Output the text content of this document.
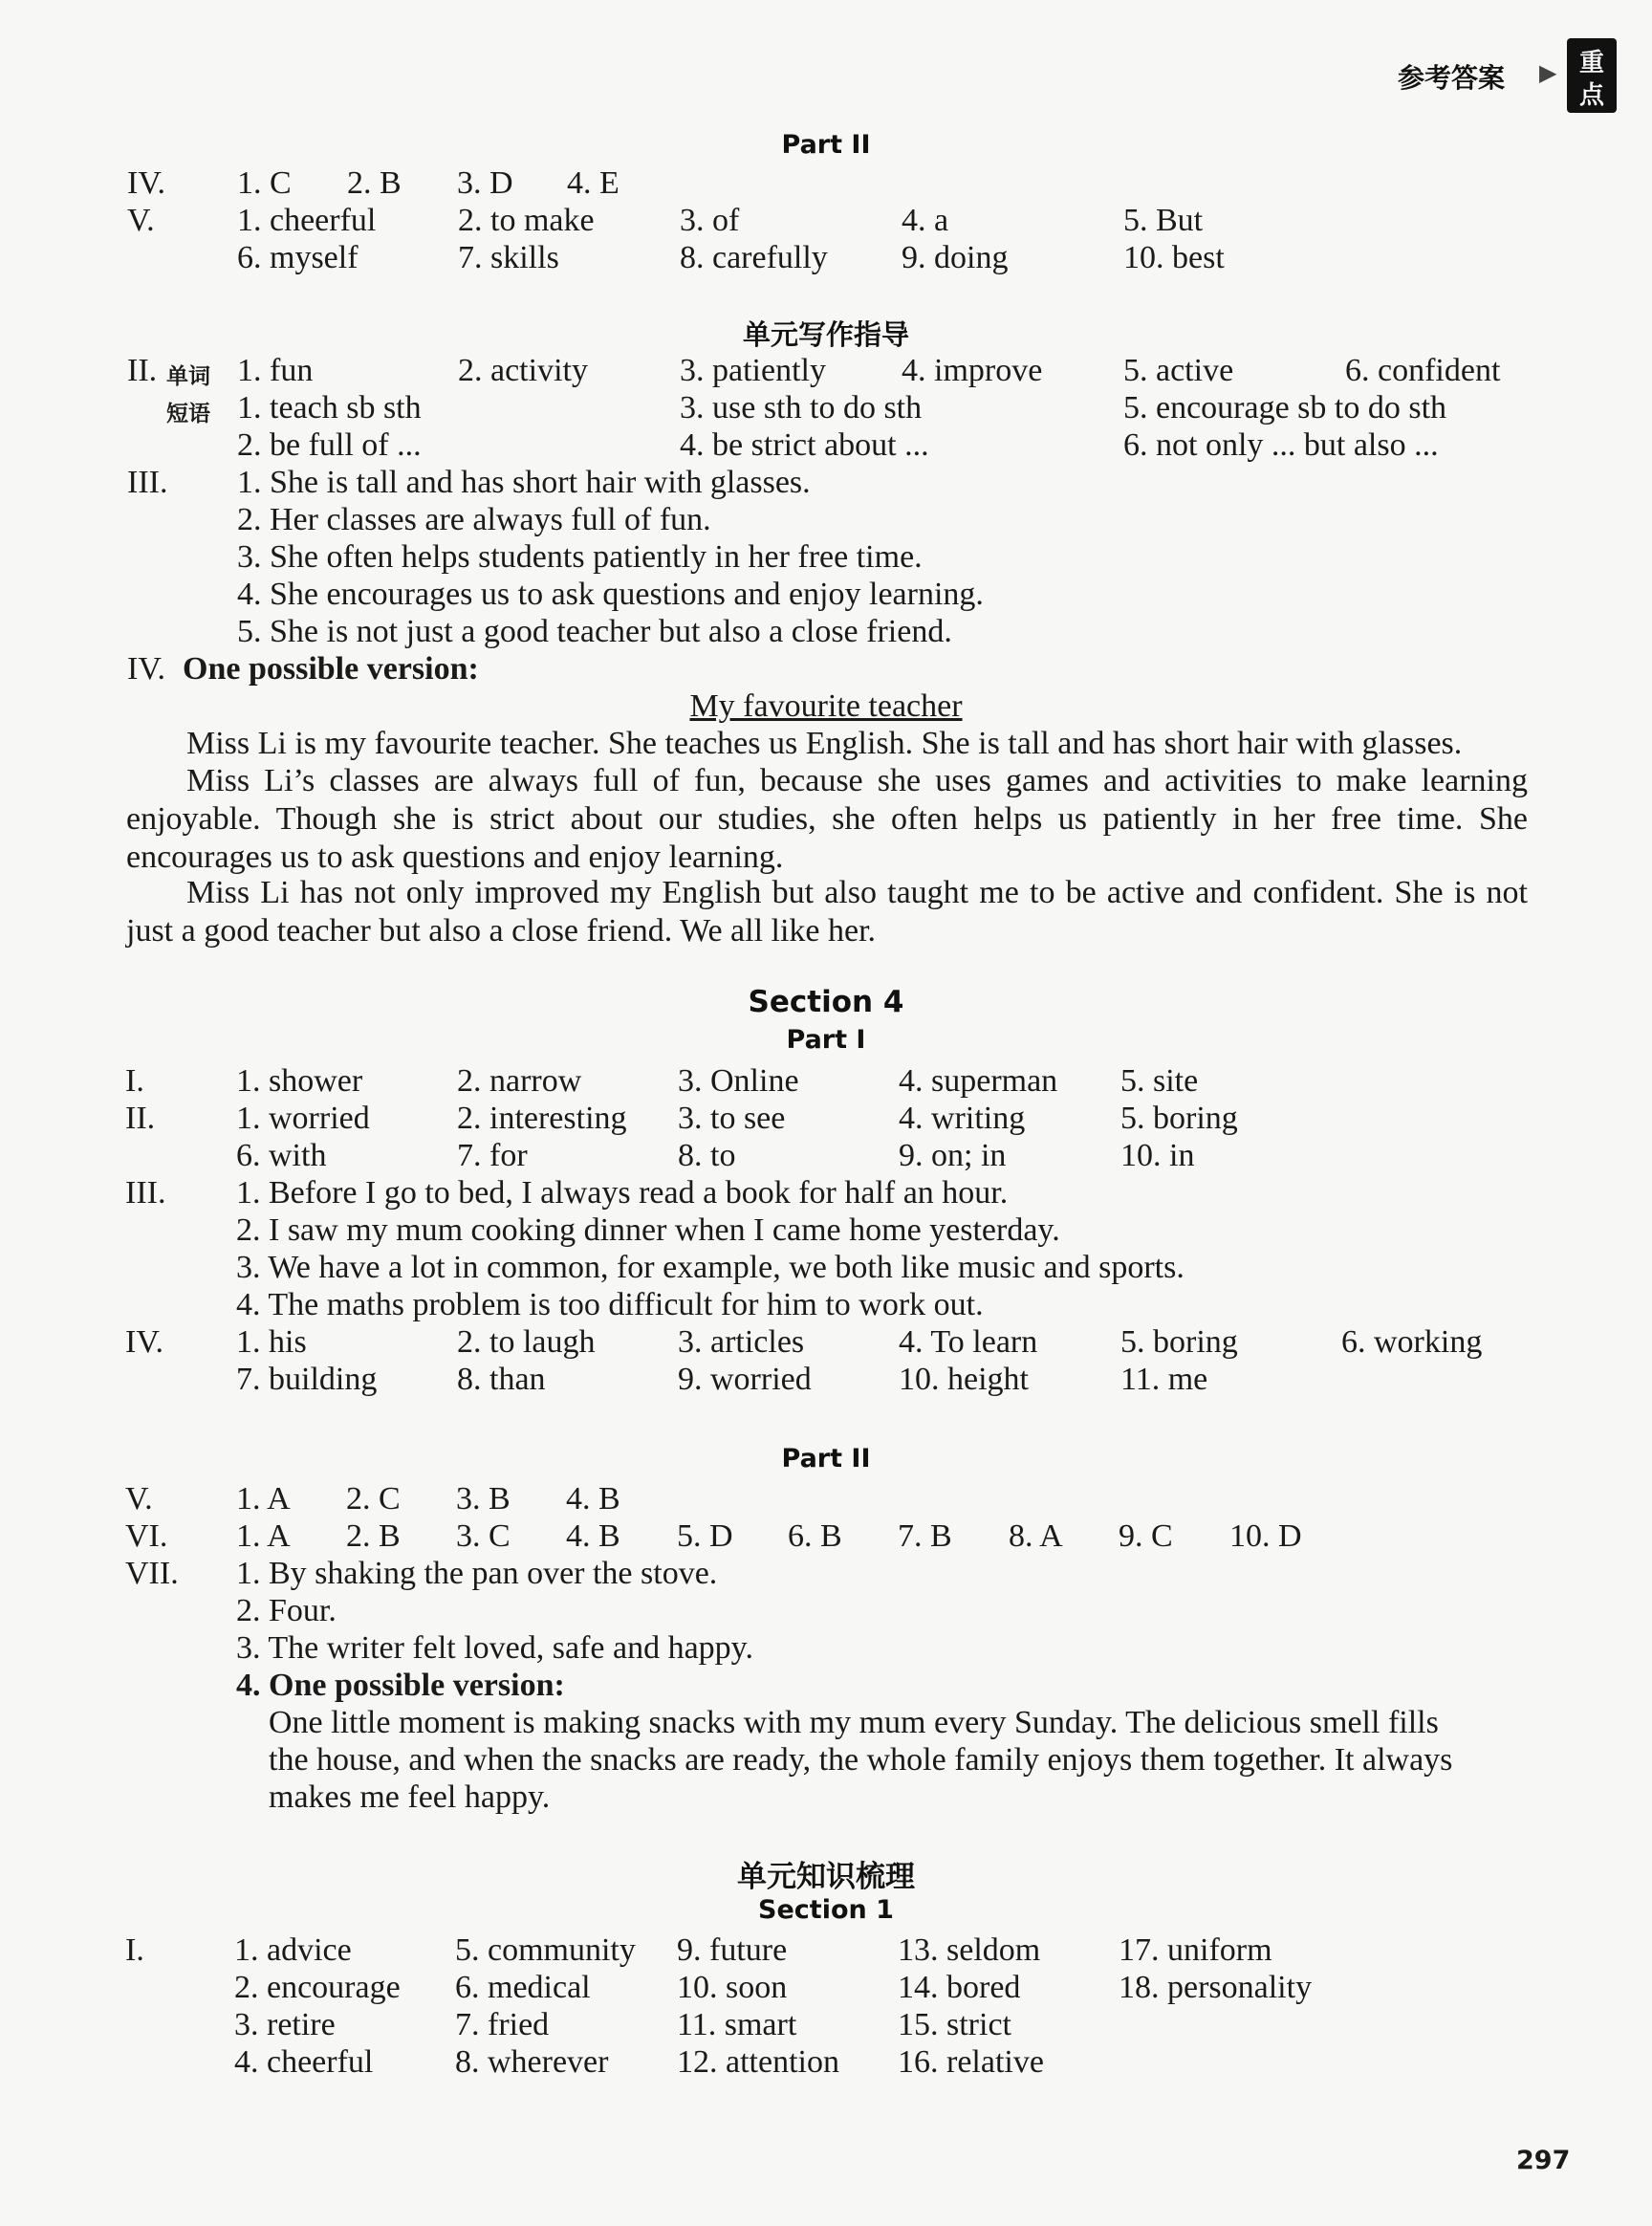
参考答案 ▶ 重
点
Part II
IV. 1. C 2. B 3. D 4. E
V.	1. cheerful	2. to make	3. of	4. a	5. But
6. myself	7. skills	8. carefully 9. doing	10. best
单元写作指导
II. 单词 1. fun	2. activity	3. patiently 4. improve 5. active	6. confident
短语 1. teach sb sth	3. use sth to do sth	5. encourage sb to do sth
2. be full of ...	4. be strict about ...	6. not only ... but also ...
III. 1. She is tall and has short hair with glasses.
2. Her classes are always full of fun.
3. She often helps students patiently in her free time.
4. She encourages us to ask questions and enjoy learning.
5. She is not just a good teacher but also a close friend.
IV. One possible version:
My favourite teacher
Miss Li is my favourite teacher. She teaches us English. She is tall and has short hair with glasses.
Miss Li’s classes are always full of fun, because she uses games and activities to make learning enjoyable. Though she is strict about our studies, she often helps us patiently in her free time. She encourages us to ask questions and enjoy learning.
Miss Li has not only improved my English but also taught me to be active and confident. She is not just a good teacher but also a close friend. We all like her.
Section 4
Part I
I.	1. shower	2. narrow	3. Online	4. superman 5. site
II. 1. worried	2. interesting 3. to see	4. writing	5. boring
6. with	7. for	8. to	9. on; in	10. in
III. 1. Before I go to bed, I always read a book for half an hour.
2. I saw my mum cooking dinner when I came home yesterday.
3. We have a lot in common, for example, we both like music and sports.
4. The maths problem is too difficult for him to work out.
IV. 1. his	2. to laugh	3. articles	4. To learn	5. boring	6. working
7. building 8. than	9. worried	10. height	11. me
Part II
V.	1. A 2. C 3. B 4. B
VI. 1. A 2. B 3. C 4. B 5. D 6. B 7. B 8. A 9. C 10. D
VII. 1. By shaking the pan over the stove.
2. Four.
3. The writer felt loved, safe and happy.
4. One possible version:
One little moment is making snacks with my mum every Sunday. The delicious smell fills
the house, and when the snacks are ready, the whole family enjoys them together. It always
makes me feel happy.
单元知识梳理
Section 1
I.	1. advice	5. community 9. future	13. seldom 17. uniform
2. encourage 6. medical	10. soon	14. bored	18. personality
3. retire	7. fried	11. smart	15. strict
4. cheerful	8. wherever 12. attention 16. relative
297
